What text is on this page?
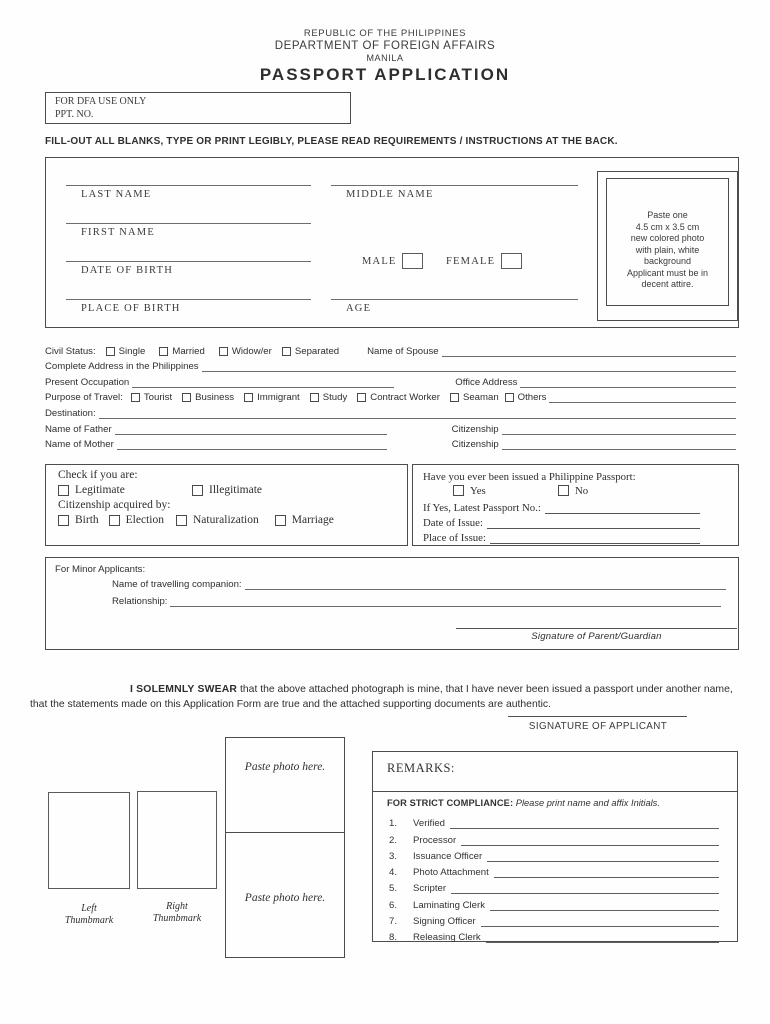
REPUBLIC OF THE PHILIPPINES
DEPARTMENT OF FOREIGN AFFAIRS
MANILA
PASSPORT APPLICATION
FOR DFA USE ONLY
PPT. NO.
FILL-OUT ALL BLANKS, TYPE OR PRINT LEGIBLY, PLEASE READ REQUIREMENTS / INSTRUCTIONS AT THE BACK.
LAST NAME
FIRST NAME
DATE OF BIRTH
PLACE OF BIRTH
MIDDLE NAME
MALE	FEMALE
AGE
Paste one
4.5 cm x 3.5 cm
new colored photo
with plain, white
background
Applicant must be in
decent attire.
Civil Status: Single	Married	Widow/er Separated	Name of Spouse
Complete Address in the Philippines
Present Occupation	Office Address
Purpose of Travel: Tourist Business Immigrant Study Contract Worker Seaman Others
Destination:
Name of Father	Citizenship
Name of Mother	Citizenship
Check if you are:
Legitimate	Illegitimate
Citizenship acquired by:
Birth Election	Naturalization	Marriage
Have you ever been issued a Philippine Passport:
Yes	No
If Yes, Latest Passport No.:
Date of Issue:
Place of Issue:
For Minor Applicants:
Name of travelling companion:
Relationship:
Signature of Parent/Guardian

I SOLEMNLY SWEAR that the above attached photograph is mine, that I have never been issued a passport under another name, that the statements made on this Application Form are true and the attached supporting documents are authentic.

SIGNATURE OF APPLICANT
Paste photo here.
Paste photo here.
Left
Thumbmark
Right
Thumbmark
REMARKS:
FOR STRICT COMPLIANCE: Please print name and affix Initials.
1.	Verified
2.	Processor
3.	Issuance Officer
4.	Photo Attachment
5.	Scripter
6.	Laminating Clerk
7.	Signing Officer
8.	Releasing Clerk
